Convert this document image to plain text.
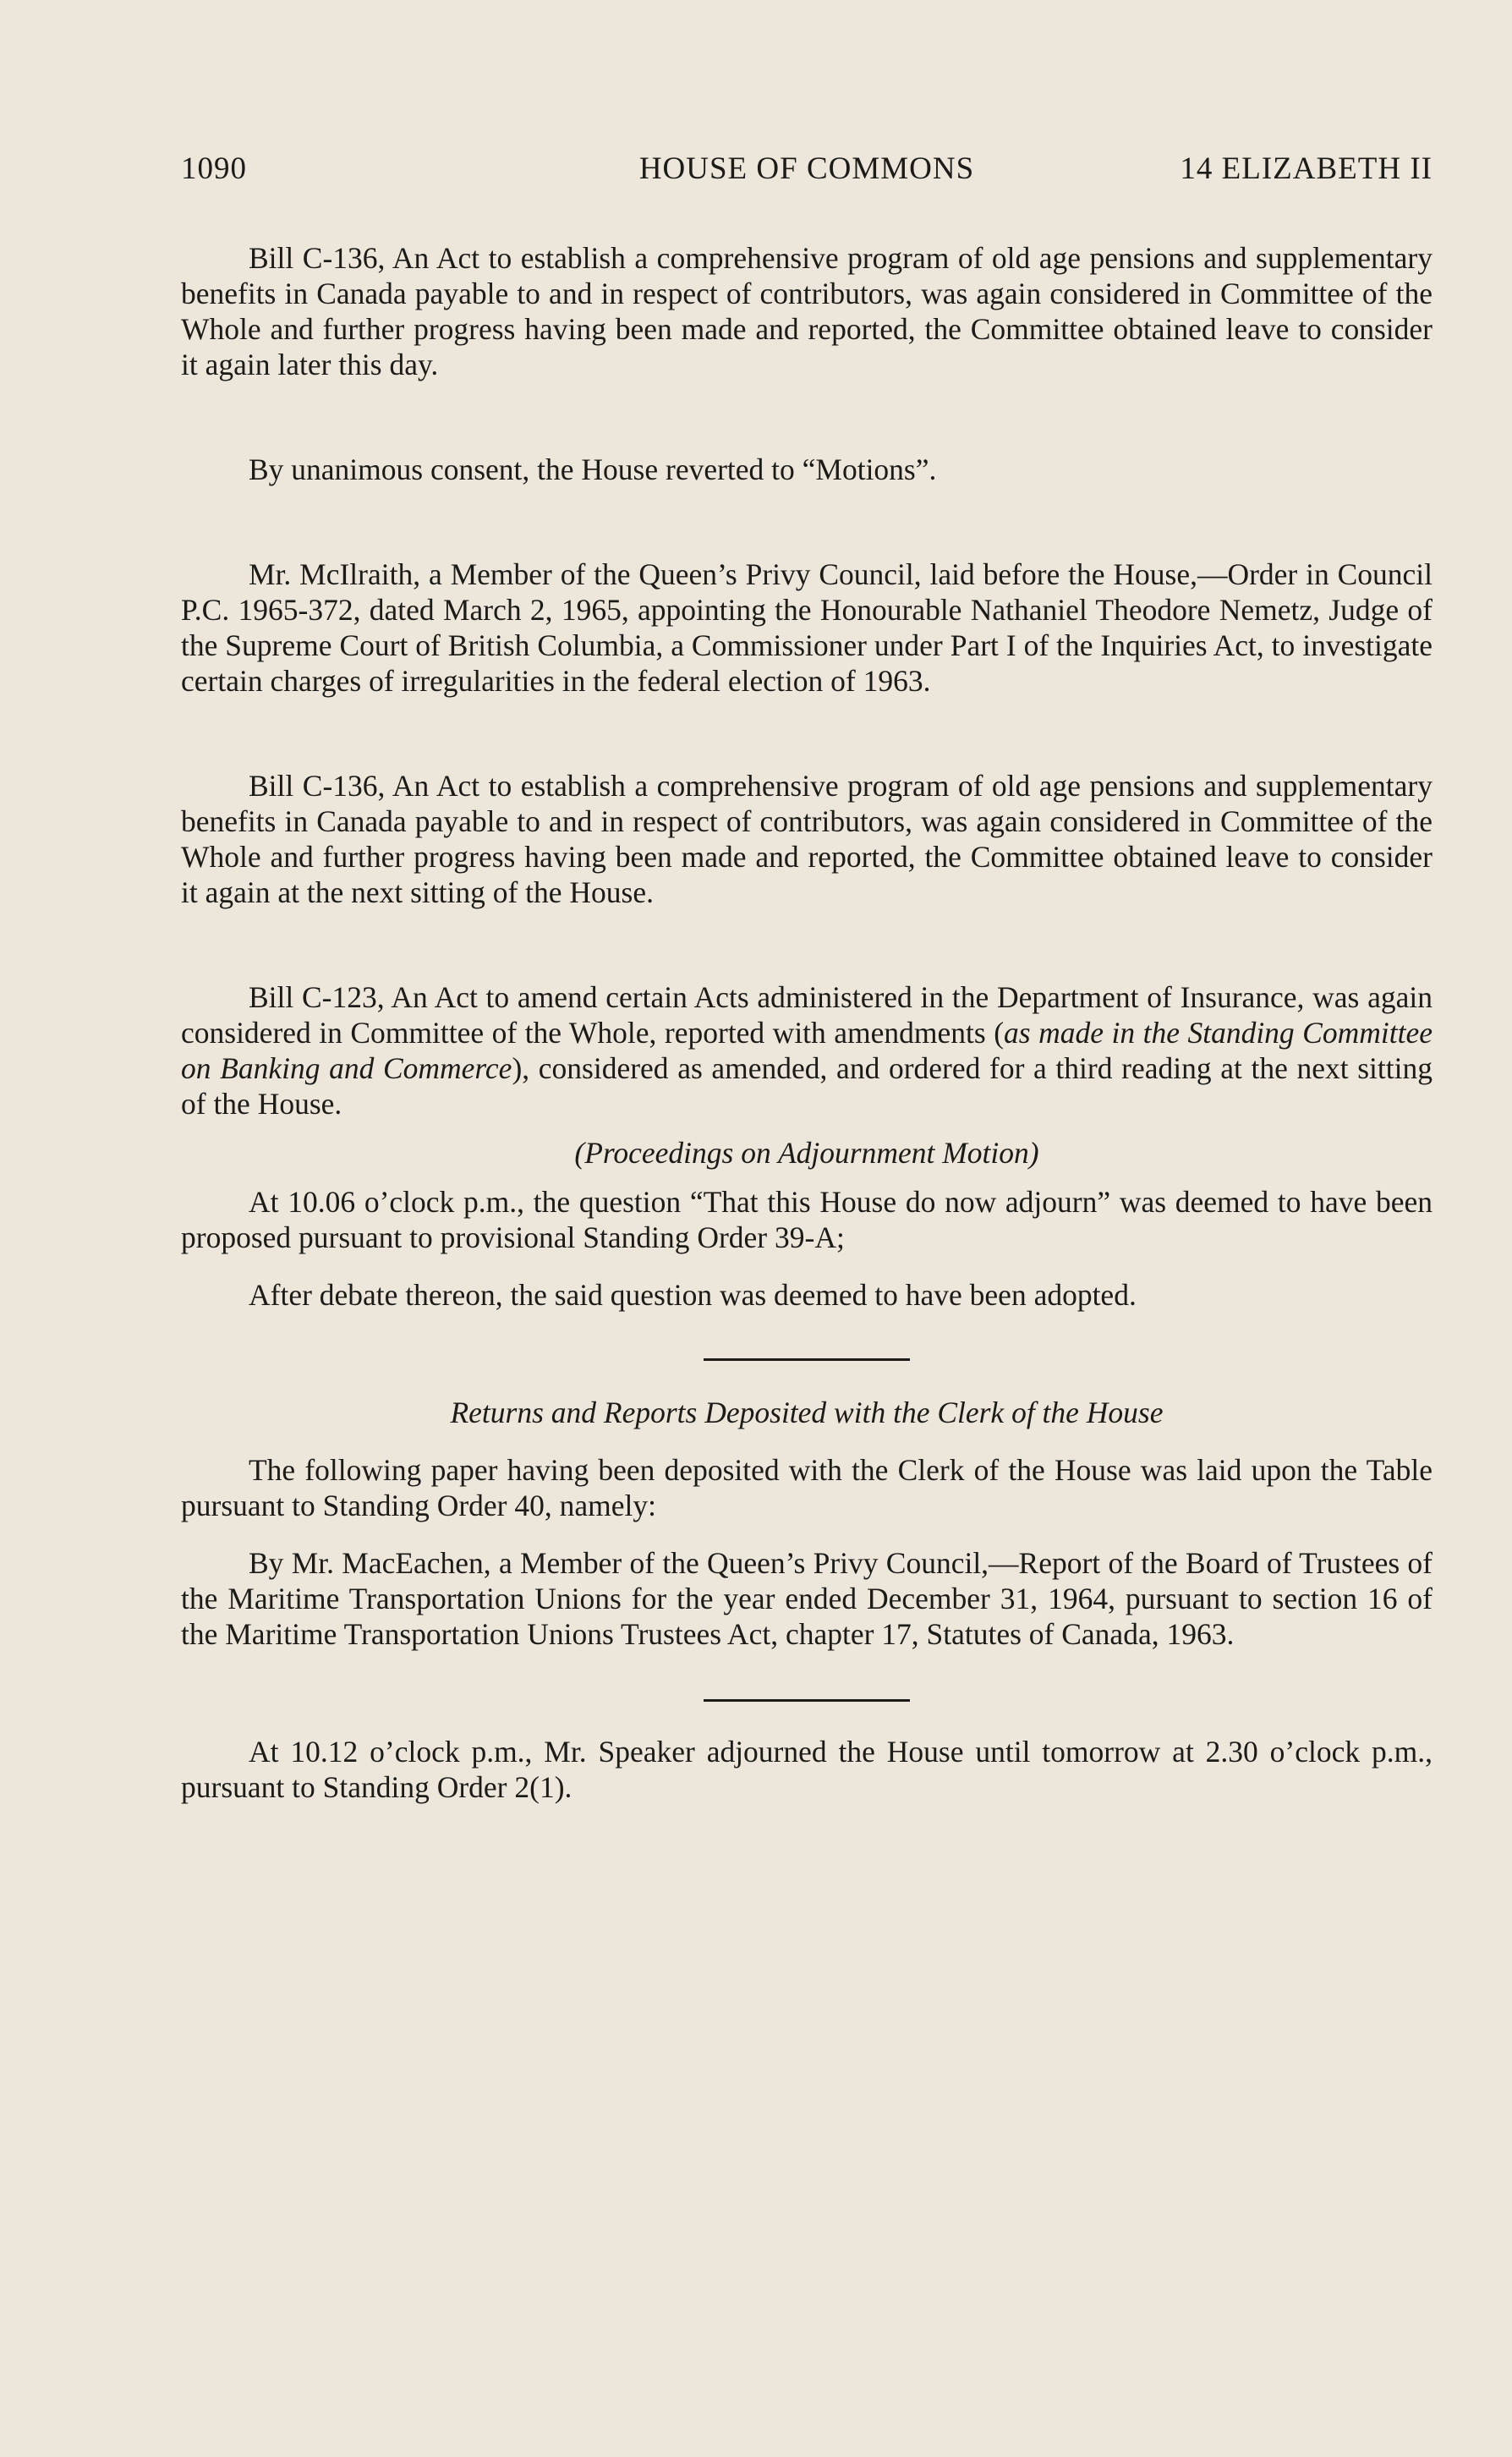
1090	HOUSE OF COMMONS	14 ELIZABETH II

Bill C-136, An Act to establish a comprehensive program of old age pensions and supplementary benefits in Canada payable to and in respect of contributors, was again considered in Committee of the Whole and further progress having been made and reported, the Committee obtained leave to consider it again later this day.

By unanimous consent, the House reverted to “Motions”.

Mr. McIlraith, a Member of the Queen’s Privy Council, laid before the House,—Order in Council P.C. 1965-372, dated March 2, 1965, appointing the Honourable Nathaniel Theodore Nemetz, Judge of the Supreme Court of British Columbia, a Commissioner under Part I of the Inquiries Act, to investigate certain charges of irregularities in the federal election of 1963.

Bill C-136, An Act to establish a comprehensive program of old age pensions and supplementary benefits in Canada payable to and in respect of contributors, was again considered in Committee of the Whole and further progress having been made and reported, the Committee obtained leave to consider it again at the next sitting of the House.

Bill C-123, An Act to amend certain Acts administered in the Department of Insurance, was again considered in Committee of the Whole, reported with amendments (as made in the Standing Committee on Banking and Commerce), considered as amended, and ordered for a third reading at the next sitting of the House.

(Proceedings on Adjournment Motion)

At 10.06 o’clock p.m., the question “That this House do now adjourn” was deemed to have been proposed pursuant to provisional Standing Order 39-A;

After debate thereon, the said question was deemed to have been adopted.

Returns and Reports Deposited with the Clerk of the House

The following paper having been deposited with the Clerk of the House was laid upon the Table pursuant to Standing Order 40, namely:

By Mr. MacEachen, a Member of the Queen’s Privy Council,—Report of the Board of Trustees of the Maritime Transportation Unions for the year ended December 31, 1964, pursuant to section 16 of the Maritime Transportation Unions Trustees Act, chapter 17, Statutes of Canada, 1963.

At 10.12 o’clock p.m., Mr. Speaker adjourned the House until tomorrow at 2.30 o’clock p.m., pursuant to Standing Order 2(1).
